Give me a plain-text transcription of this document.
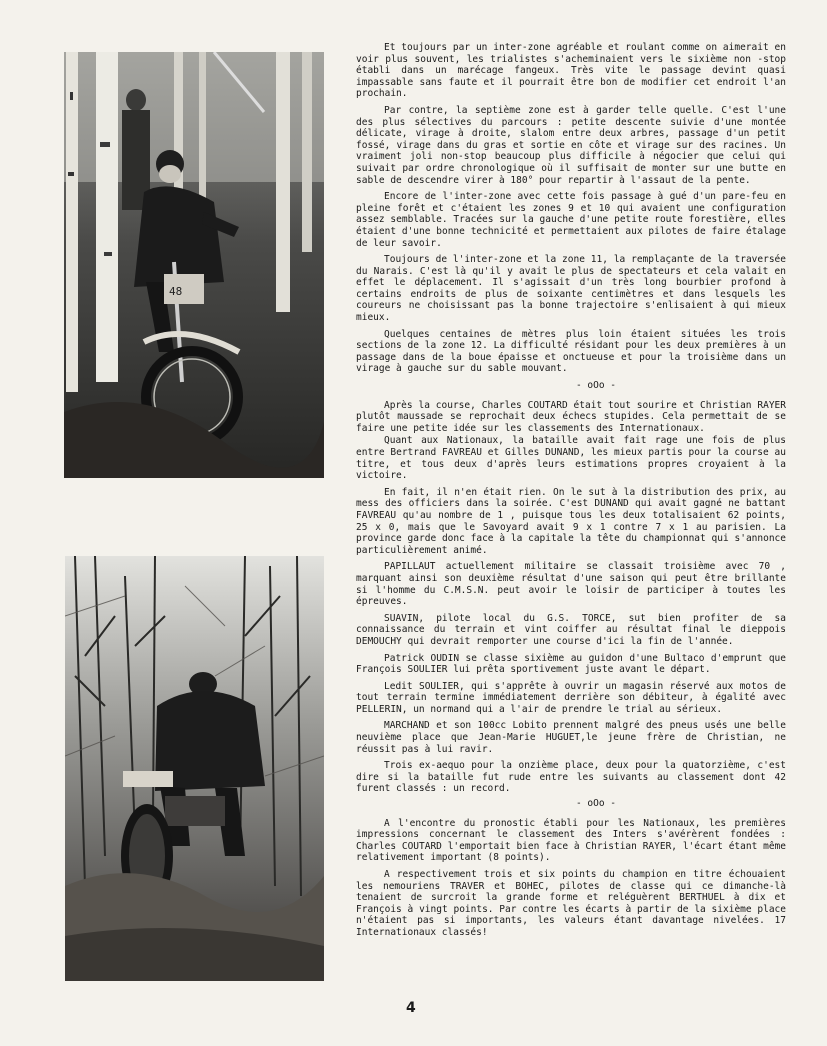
48

Et toujours par un inter-zone agréable et roulant comme on aimerait en voir plus souvent, les trialistes s'acheminaient vers le sixième non -stop établi dans un marécage fangeux. Très vite le passage devint quasi impassable sans faute et il pourrait être bon de modifier cet endroit l'an prochain.

Par contre, la septième zone est à garder telle quelle. C'est l'une des plus sélectives du parcours : petite descente suivie d'une montée délicate, virage à droite, slalom entre deux arbres, passage d'un petit fossé, virage dans du gras et sortie en côte et virage sur des racines. Un vraiment joli non-stop beaucoup plus difficile à négocier que celui qui suivait par ordre chronologique où il suffisait de monter sur une butte en sable de descendre virer à 180° pour repartir à l'assaut de la pente.

Encore de l'inter-zone avec cette fois passage à gué d'un pare-feu en pleine forêt et c'étaient les zones 9 et 10 qui avaient une configuration assez semblable. Tracées sur la gauche d'une petite route forestière, elles étaient d'une bonne technicité et permettaient aux pilotes de faire étalage de leur savoir.

Toujours de l'inter-zone et la zone 11, la remplaçante de la traversée du Narais. C'est là qu'il y avait le plus de spectateurs et cela valait en effet le déplacement. Il s'agissait d'un très long bourbier profond à certains endroits de plus de soixante centimètres et dans lesquels les coureurs ne choisissant pas la bonne trajectoire s'enlisaient à qui mieux mieux.

Quelques centaines de mètres plus loin étaient situées les trois sections de la zone 12. La difficulté résidant pour les deux premières à un passage dans de la boue épaisse et onctueuse et pour la troisième dans un virage à gauche sur du sable mouvant.

- oOo -

Après la course, Charles COUTARD était tout sourire et Christian RAYER plutôt maussade se reprochait deux échecs stupides. Cela permettait de se faire une petite idée sur les classements des Internationaux.

Quant aux Nationaux, la bataille avait fait rage une fois de plus entre Bertrand FAVREAU et Gilles DUNAND, les mieux partis pour la course au titre, et tous deux d'après leurs estimations propres croyaient à la victoire.

En fait, il n'en était rien. On le sut à la distribution des prix, au mess des officiers dans la soirée. C'est DUNAND qui avait gagné ne battant FAVREAU qu'au nombre de 1 , puisque tous les deux totalisaient 62 points, 25 x 0, mais que le Savoyard avait 9 x 1 contre 7 x 1 au parisien. La province garde donc face à la capitale la tête du championnat qui s'annonce particulièrement animé.

PAPILLAUT actuellement militaire se classait troisième avec 70 , marquant ainsi son deuxième résultat d'une saison qui peut être brillante si l'homme du C.M.S.N. peut avoir le loisir de participer à toutes les épreuves.

SUAVIN, pilote local du G.S. TORCE, sut bien profiter de sa connaissance du terrain et vint coiffer au résultat final le dieppois DEMOUCHY qui devrait remporter une course d'ici la fin de l'année.

Patrick OUDIN se classe sixième au guidon d'une Bultaco d'emprunt que François SOULIER lui prêta sportivement juste avant le départ.

Ledit SOULIER, qui s'apprête à ouvrir un magasin réservé aux motos de tout terrain termine immédiatement derrière son débiteur, à égalité avec PELLERIN, un normand qui a l'air de prendre le trial au sérieux.

MARCHAND et son 100cc Lobito prennent malgré des pneus usés une belle neuvième place que Jean-Marie HUGUET,le jeune frère de Christian, ne réussit pas à lui ravir.

Trois ex-aequo pour la onzième place, deux pour la quatorzième, c'est dire si la bataille fut rude entre les suivants au classement dont 42 furent classés : un record.

- oOo -

A l'encontre du pronostic établi pour les Nationaux, les premières impressions concernant le classement des Inters s'avérèrent fondées : Charles COUTARD l'emportait bien face à Christian RAYER, l'écart étant même relativement important (8 points).

A respectivement trois et six points du champion en titre échouaient les nemouriens TRAVER et BOHEC, pilotes de classe qui ce dimanche-là tenaient de surcroit la grande forme et reléguèrent BERTHUEL à dix et François à vingt points. Par contre les écarts à partir de la sixième place n'étaient pas si importants, les valeurs étant davantage nivelées. 17 Internationaux classés!

4
